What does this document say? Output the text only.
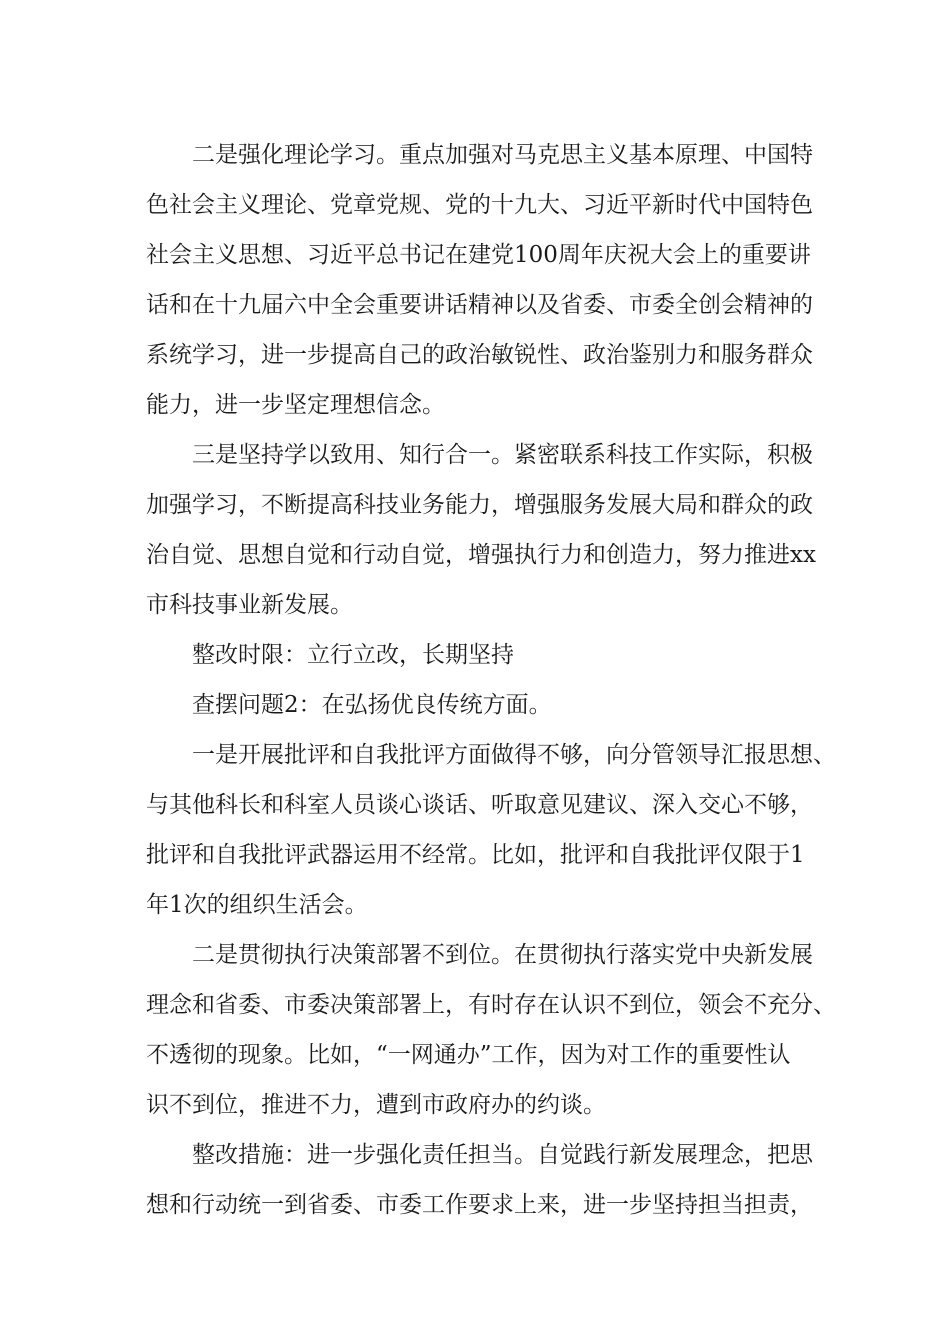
二是强化理论学习。重点加强对马克思主义基本原理、中国特
色社会主义理论、党章党规、党的十九大、习近平新时代中国特色
社会主义思想、习近平总书记在建党100周年庆祝大会上的重要讲
话和在十九届六中全会重要讲话精神以及省委、市委全创会精神的
系统学习，进一步提高自己的政治敏锐性、政治鉴别力和服务群众
能力，进一步坚定理想信念。
三是坚持学以致用、知行合一。紧密联系科技工作实际，积极
加强学习，不断提高科技业务能力，增强服务发展大局和群众的政
治自觉、思想自觉和行动自觉，增强执行力和创造力，努力推进xx
市科技事业新发展。
整改时限：立行立改，长期坚持
查摆问题2：在弘扬优良传统方面。
一是开展批评和自我批评方面做得不够，向分管领导汇报思想、
与其他科长和科室人员谈心谈话、听取意见建议、深入交心不够，
批评和自我批评武器运用不经常。比如，批评和自我批评仅限于1
年1次的组织生活会。
二是贯彻执行决策部署不到位。在贯彻执行落实党中央新发展
理念和省委、市委决策部署上，有时存在认识不到位，领会不充分、
不透彻的现象。比如，“一网通办”工作，因为对工作的重要性认
识不到位，推进不力，遭到市政府办的约谈。
整改措施：进一步强化责任担当。自觉践行新发展理念，把思
想和行动统一到省委、市委工作要求上来，进一步坚持担当担责，
